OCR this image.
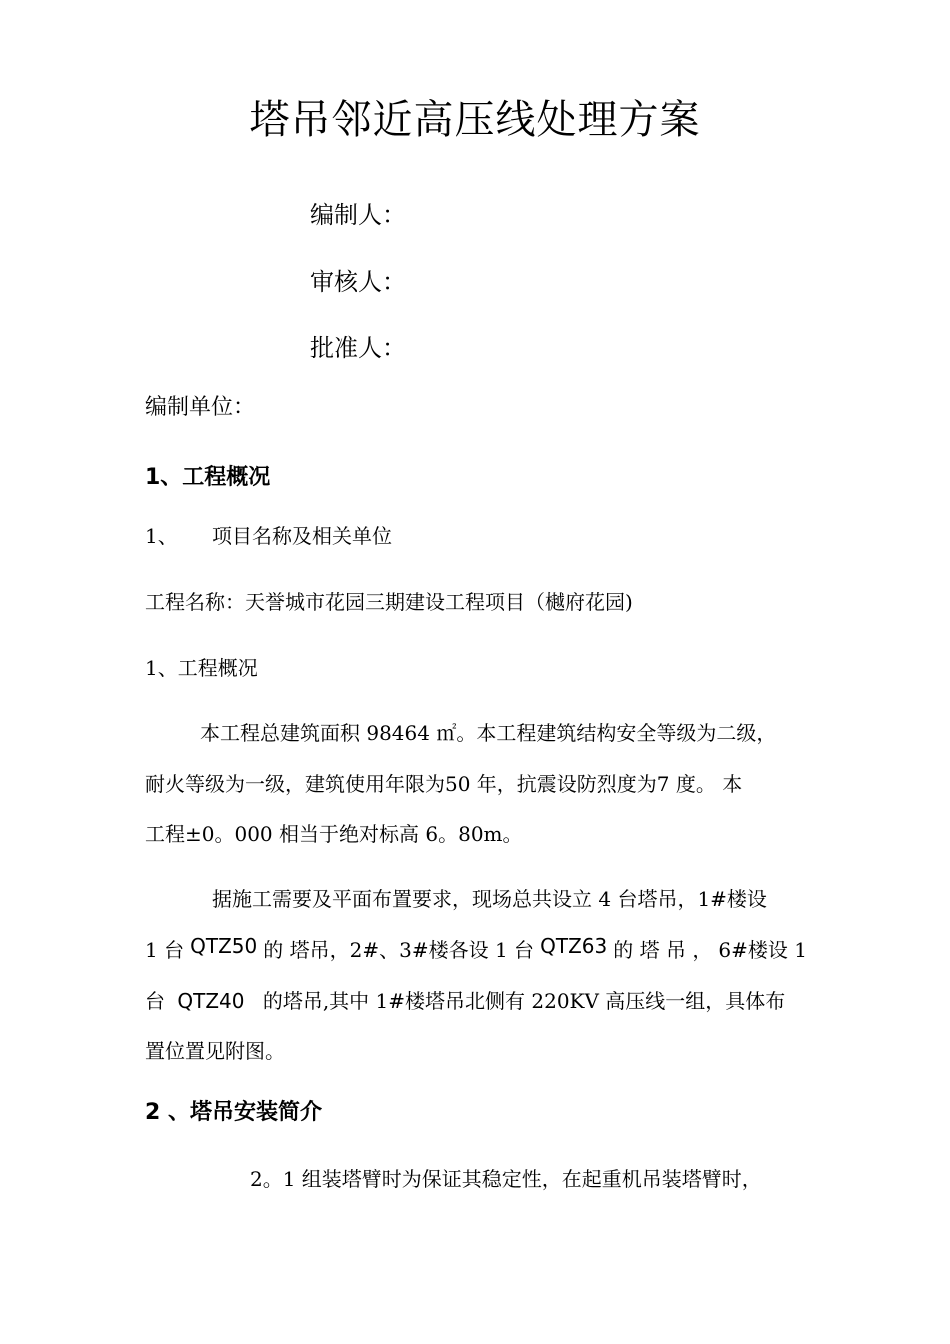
塔吊邻近高压线处理方案
编制人：
审核人：
批准人：
编制单位：
1、工程概况
1、 项目名称及相关单位
工程名称：天誉城市花园三期建设工程项目（樾府花园)
1、工程概况
本工程总建筑面积 98464 ㎡。本工程建筑结构安全等级为二级，
耐火等级为一级，建筑使用年限为50 年，抗震设防烈度为7 度。 本
工程±0。000 相当于绝对标高 6。80m。
据施工需要及平面布置要求，现场总共设立 4 台塔吊，1#楼设
1 台 QTZ50 的 塔吊，2#、3#楼各设 1 台 QTZ63 的 塔 吊 ， 6#楼设 1
台 QTZ40 的塔吊,其中 1#楼塔吊北侧有 220KV 高压线一组，具体布
置位置见附图。
2 、塔吊安装简介
2。1 组装塔臂时为保证其稳定性，在起重机吊装塔臂时，
